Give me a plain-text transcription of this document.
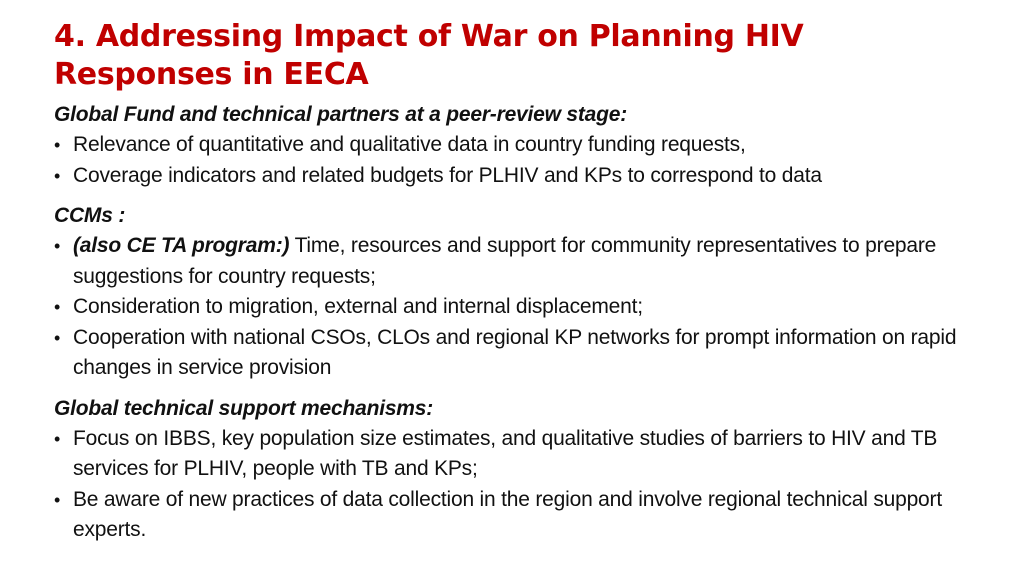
4. Addressing Impact of War on Planning HIV Responses in EECA
Global Fund and technical partners at a peer-review stage:
• Relevance of quantitative and qualitative data in country funding requests,
• Coverage indicators and related budgets for PLHIV and KPs to correspond to data
CCMs :
• (also CE TA program:) Time, resources and support for community representatives to prepare suggestions for country requests;
• Consideration to migration, external and internal displacement;
• Cooperation with national CSOs, CLOs and regional KP networks for prompt information on rapid changes in service provision
Global technical support mechanisms:
• Focus on IBBS, key population size estimates, and qualitative studies of barriers to HIV and TB services for PLHIV, people with TB and KPs;
• Be aware of new practices of data collection in the region and involve regional technical support experts.
